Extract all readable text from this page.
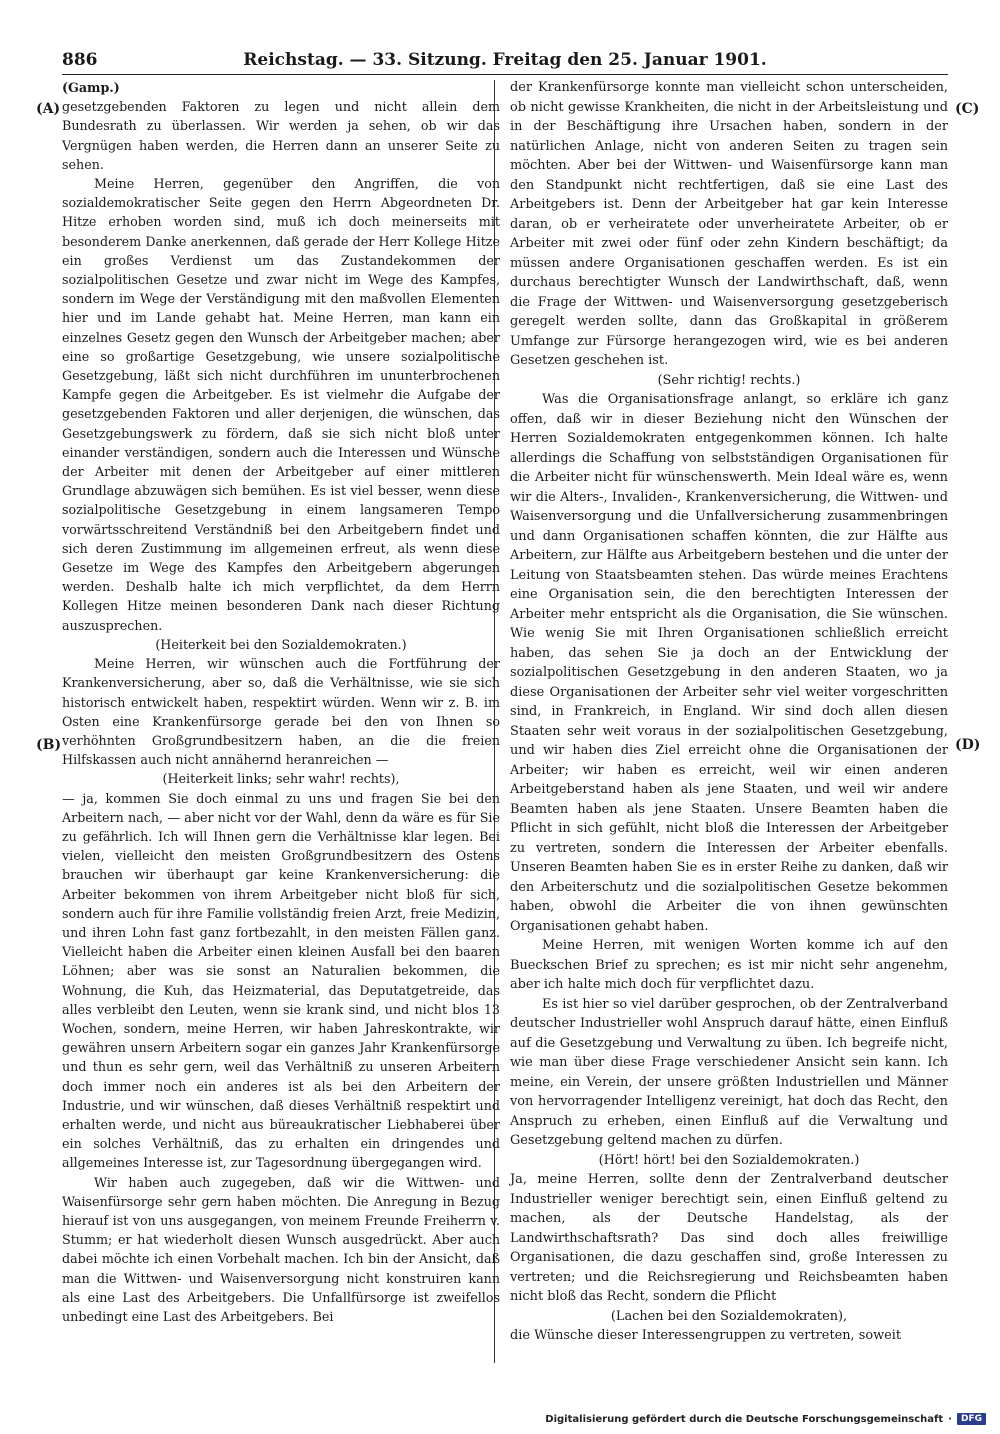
886	Reichstag. — 33. Sitzung. Freitag den 25. Januar 1901.
(A)
(B)
(C)
(D)

(Gamp.)

gesetzgebenden Faktoren zu legen und nicht allein dem Bundesrath zu überlassen. Wir werden ja sehen, ob wir das Vergnügen haben werden, die Herren dann an unserer Seite zu sehen.

Meine Herren, gegenüber den Angriffen, die von sozialdemokratischer Seite gegen den Herrn Abgeordneten Dr. Hitze erhoben worden sind, muß ich doch meinerseits mit besonderem Danke anerkennen, daß gerade der Herr Kollege Hitze ein großes Verdienst um das Zustandekommen der sozialpolitischen Gesetze und zwar nicht im Wege des Kampfes, sondern im Wege der Verständigung mit den maßvollen Elementen hier und im Lande gehabt hat. Meine Herren, man kann ein einzelnes Gesetz gegen den Wunsch der Arbeitgeber machen; aber eine so großartige Gesetzgebung, wie unsere sozialpolitische Gesetzgebung, läßt sich nicht durchführen im ununterbrochenen Kampfe gegen die Arbeitgeber. Es ist vielmehr die Aufgabe der gesetzgebenden Faktoren und aller derjenigen, die wünschen, das Gesetzgebungswerk zu fördern, daß sie sich nicht bloß unter einander verständigen, sondern auch die Interessen und Wünsche der Arbeiter mit denen der Arbeitgeber auf einer mittleren Grundlage abzuwägen sich bemühen. Es ist viel besser, wenn diese sozialpolitische Gesetzgebung in einem langsameren Tempo vorwärtsschreitend Verständniß bei den Arbeitgebern findet und sich deren Zustimmung im allgemeinen erfreut, als wenn diese Gesetze im Wege des Kampfes den Arbeitgebern abgerungen werden. Deshalb halte ich mich verpflichtet, da dem Herrn Kollegen Hitze meinen besonderen Dank nach dieser Richtung auszusprechen.

(Heiterkeit bei den Sozialdemokraten.)

Meine Herren, wir wünschen auch die Fortführung der Krankenversicherung, aber so, daß die Verhältnisse, wie sie sich historisch entwickelt haben, respektirt würden. Wenn wir z. B. im Osten eine Krankenfürsorge gerade bei den von Ihnen so verhöhnten Großgrundbesitzern haben, an die die freien Hilfskassen auch nicht annähernd heranreichen —

(Heiterkeit links; sehr wahr! rechts),

— ja, kommen Sie doch einmal zu uns und fragen Sie bei den Arbeitern nach, — aber nicht vor der Wahl, denn da wäre es für Sie zu gefährlich. Ich will Ihnen gern die Verhältnisse klar legen. Bei vielen, vielleicht den meisten Großgrundbesitzern des Ostens brauchen wir überhaupt gar keine Krankenversicherung: die Arbeiter bekommen von ihrem Arbeitgeber nicht bloß für sich, sondern auch für ihre Familie vollständig freien Arzt, freie Medizin, und ihren Lohn fast ganz fortbezahlt, in den meisten Fällen ganz. Vielleicht haben die Arbeiter einen kleinen Ausfall bei den baaren Löhnen; aber was sie sonst an Naturalien bekommen, die Wohnung, die Kuh, das Heizmaterial, das Deputatgetreide, das alles verbleibt den Leuten, wenn sie krank sind, und nicht blos 13 Wochen, sondern, meine Herren, wir haben Jahreskontrakte, wir gewähren unsern Arbeitern sogar ein ganzes Jahr Krankenfürsorge und thun es sehr gern, weil das Verhältniß zu unseren Arbeitern doch immer noch ein anderes ist als bei den Arbeitern der Industrie, und wir wünschen, daß dieses Verhältniß respektirt und erhalten werde, und nicht aus büreaukratischer Liebhaberei über ein solches Verhältniß, das zu erhalten ein dringendes und allgemeines Interesse ist, zur Tagesordnung übergegangen wird.

Wir haben auch zugegeben, daß wir die Wittwen- und Waisenfürsorge sehr gern haben möchten. Die Anregung in Bezug hierauf ist von uns ausgegangen, von meinem Freunde Freiherrn v. Stumm; er hat wiederholt diesen Wunsch ausgedrückt. Aber auch dabei möchte ich einen Vorbehalt machen. Ich bin der Ansicht, daß man die Wittwen- und Waisenversorgung nicht konstruiren kann als eine Last des Arbeitgebers. Die Unfallfürsorge ist zweifellos unbedingt eine Last des Arbeitgebers. Bei

der Krankenfürsorge konnte man vielleicht schon unterscheiden, ob nicht gewisse Krankheiten, die nicht in der Arbeitsleistung und in der Beschäftigung ihre Ursachen haben, sondern in der natürlichen Anlage, nicht von anderen Seiten zu tragen sein möchten. Aber bei der Wittwen- und Waisenfürsorge kann man den Standpunkt nicht rechtfertigen, daß sie eine Last des Arbeitgebers ist. Denn der Arbeitgeber hat gar kein Interesse daran, ob er verheiratete oder unverheiratete Arbeiter, ob er Arbeiter mit zwei oder fünf oder zehn Kindern beschäftigt; da müssen andere Organisationen geschaffen werden. Es ist ein durchaus berechtigter Wunsch der Landwirthschaft, daß, wenn die Frage der Wittwen- und Waisenversorgung gesetzgeberisch geregelt werden sollte, dann das Großkapital in größerem Umfange zur Fürsorge herangezogen wird, wie es bei anderen Gesetzen geschehen ist.

(Sehr richtig! rechts.)

Was die Organisationsfrage anlangt, so erkläre ich ganz offen, daß wir in dieser Beziehung nicht den Wünschen der Herren Sozialdemokraten entgegenkommen können. Ich halte allerdings die Schaffung von selbstständigen Organisationen für die Arbeiter nicht für wünschenswerth. Mein Ideal wäre es, wenn wir die Alters-, Invaliden-, Krankenversicherung, die Wittwen- und Waisenversorgung und die Unfallversicherung zusammenbringen und dann Organisationen schaffen könnten, die zur Hälfte aus Arbeitern, zur Hälfte aus Arbeitgebern bestehen und die unter der Leitung von Staatsbeamten stehen. Das würde meines Erachtens eine Organisation sein, die den berechtigten Interessen der Arbeiter mehr entspricht als die Organisation, die Sie wünschen. Wie wenig Sie mit Ihren Organisationen schließlich erreicht haben, das sehen Sie ja doch an der Entwicklung der sozialpolitischen Gesetzgebung in den anderen Staaten, wo ja diese Organisationen der Arbeiter sehr viel weiter vorgeschritten sind, in Frankreich, in England. Wir sind doch allen diesen Staaten sehr weit voraus in der sozialpolitischen Gesetzgebung, und wir haben dies Ziel erreicht ohne die Organisationen der Arbeiter; wir haben es erreicht, weil wir einen anderen Arbeitgeberstand haben als jene Staaten, und weil wir andere Beamten haben als jene Staaten. Unsere Beamten haben die Pflicht in sich gefühlt, nicht bloß die Interessen der Arbeitgeber zu vertreten, sondern die Interessen der Arbeiter ebenfalls. Unseren Beamten haben Sie es in erster Reihe zu danken, daß wir den Arbeiterschutz und die sozialpolitischen Gesetze bekommen haben, obwohl die Arbeiter die von ihnen gewünschten Organisationen gehabt haben.

Meine Herren, mit wenigen Worten komme ich auf den Bueckschen Brief zu sprechen; es ist mir nicht sehr angenehm, aber ich halte mich doch für verpflichtet dazu.

Es ist hier so viel darüber gesprochen, ob der Zentralverband deutscher Industrieller wohl Anspruch darauf hätte, einen Einfluß auf die Gesetzgebung und Verwaltung zu üben. Ich begreife nicht, wie man über diese Frage verschiedener Ansicht sein kann. Ich meine, ein Verein, der unsere größten Industriellen und Männer von hervorragender Intelligenz vereinigt, hat doch das Recht, den Anspruch zu erheben, einen Einfluß auf die Verwaltung und Gesetzgebung geltend machen zu dürfen.

(Hört! hört! bei den Sozialdemokraten.)

Ja, meine Herren, sollte denn der Zentralverband deutscher Industrieller weniger berechtigt sein, einen Einfluß geltend zu machen, als der Deutsche Handelstag, als der Landwirthschaftsrath? Das sind doch alles freiwillige Organisationen, die dazu geschaffen sind, große Interessen zu vertreten; und die Reichsregierung und Reichsbeamten haben nicht bloß das Recht, sondern die Pflicht

(Lachen bei den Sozialdemokraten),

die Wünsche dieser Interessengruppen zu vertreten, soweit

Digitalisierung gefördert durch die Deutsche Forschungsgemeinschaft ·	DFG
